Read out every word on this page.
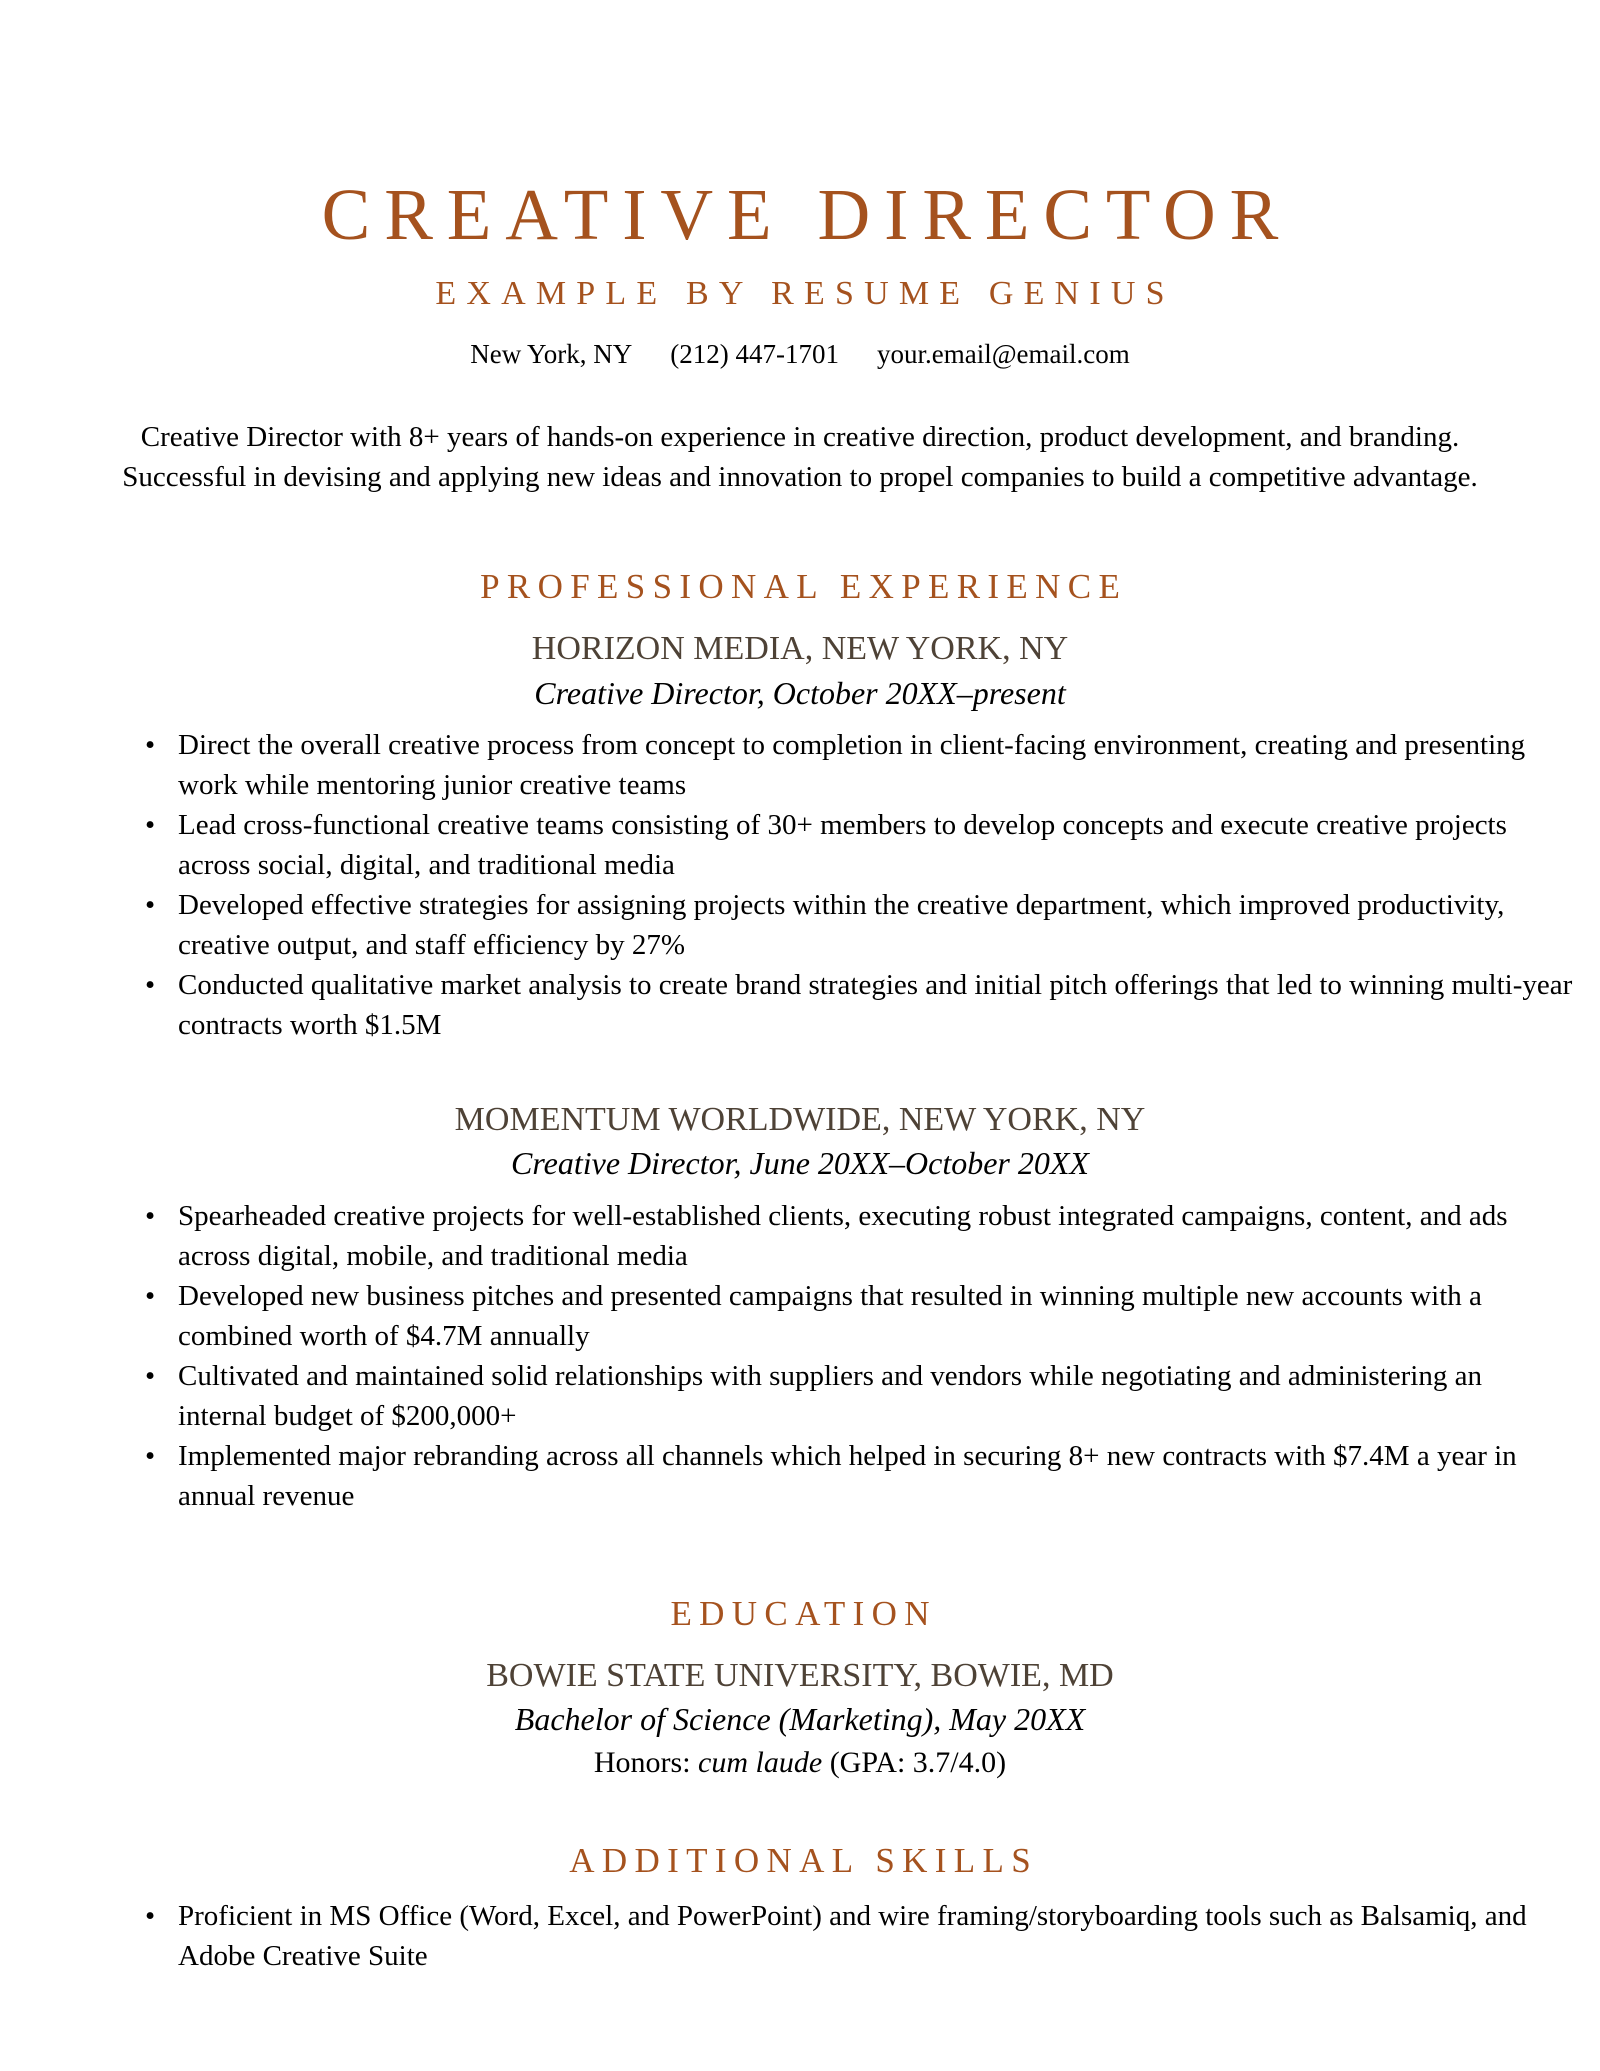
CREATIVE DIRECTOR
EXAMPLE BY RESUME GENIUS
New York, NY (212) 447-1701 your.email@email.com

Creative Director with 8+ years of hands-on experience in creative direction, product development, and branding. Successful in devising and applying new ideas and innovation to propel companies to build a competitive advantage.

PROFESSIONAL EXPERIENCE
HORIZON MEDIA, NEW YORK, NY
Creative Director, October 20XX–present
• Direct the overall creative process from concept to completion in client-facing environment, creating and presenting work while mentoring junior creative teams
• Lead cross-functional creative teams consisting of 30+ members to develop concepts and execute creative projects across social, digital, and traditional media
• Developed effective strategies for assigning projects within the creative department, which improved productivity, creative output, and staff efficiency by 27%
• Conducted qualitative market analysis to create brand strategies and initial pitch offerings that led to winning multi-year contracts worth $1.5M
MOMENTUM WORLDWIDE, NEW YORK, NY
Creative Director, June 20XX–October 20XX
• Spearheaded creative projects for well-established clients, executing robust integrated campaigns, content, and ads across digital, mobile, and traditional media
• Developed new business pitches and presented campaigns that resulted in winning multiple new accounts with a combined worth of $4.7M annually
• Cultivated and maintained solid relationships with suppliers and vendors while negotiating and administering an internal budget of $200,000+
• Implemented major rebranding across all channels which helped in securing 8+ new contracts with $7.4M a year in annual revenue
EDUCATION
BOWIE STATE UNIVERSITY, BOWIE, MD
Bachelor of Science (Marketing), May 20XX
Honors: cum laude (GPA: 3.7/4.0)
ADDITIONAL SKILLS
• Proficient in MS Office (Word, Excel, and PowerPoint) and wire framing/storyboarding tools such as Balsamiq, and Adobe Creative Suite
